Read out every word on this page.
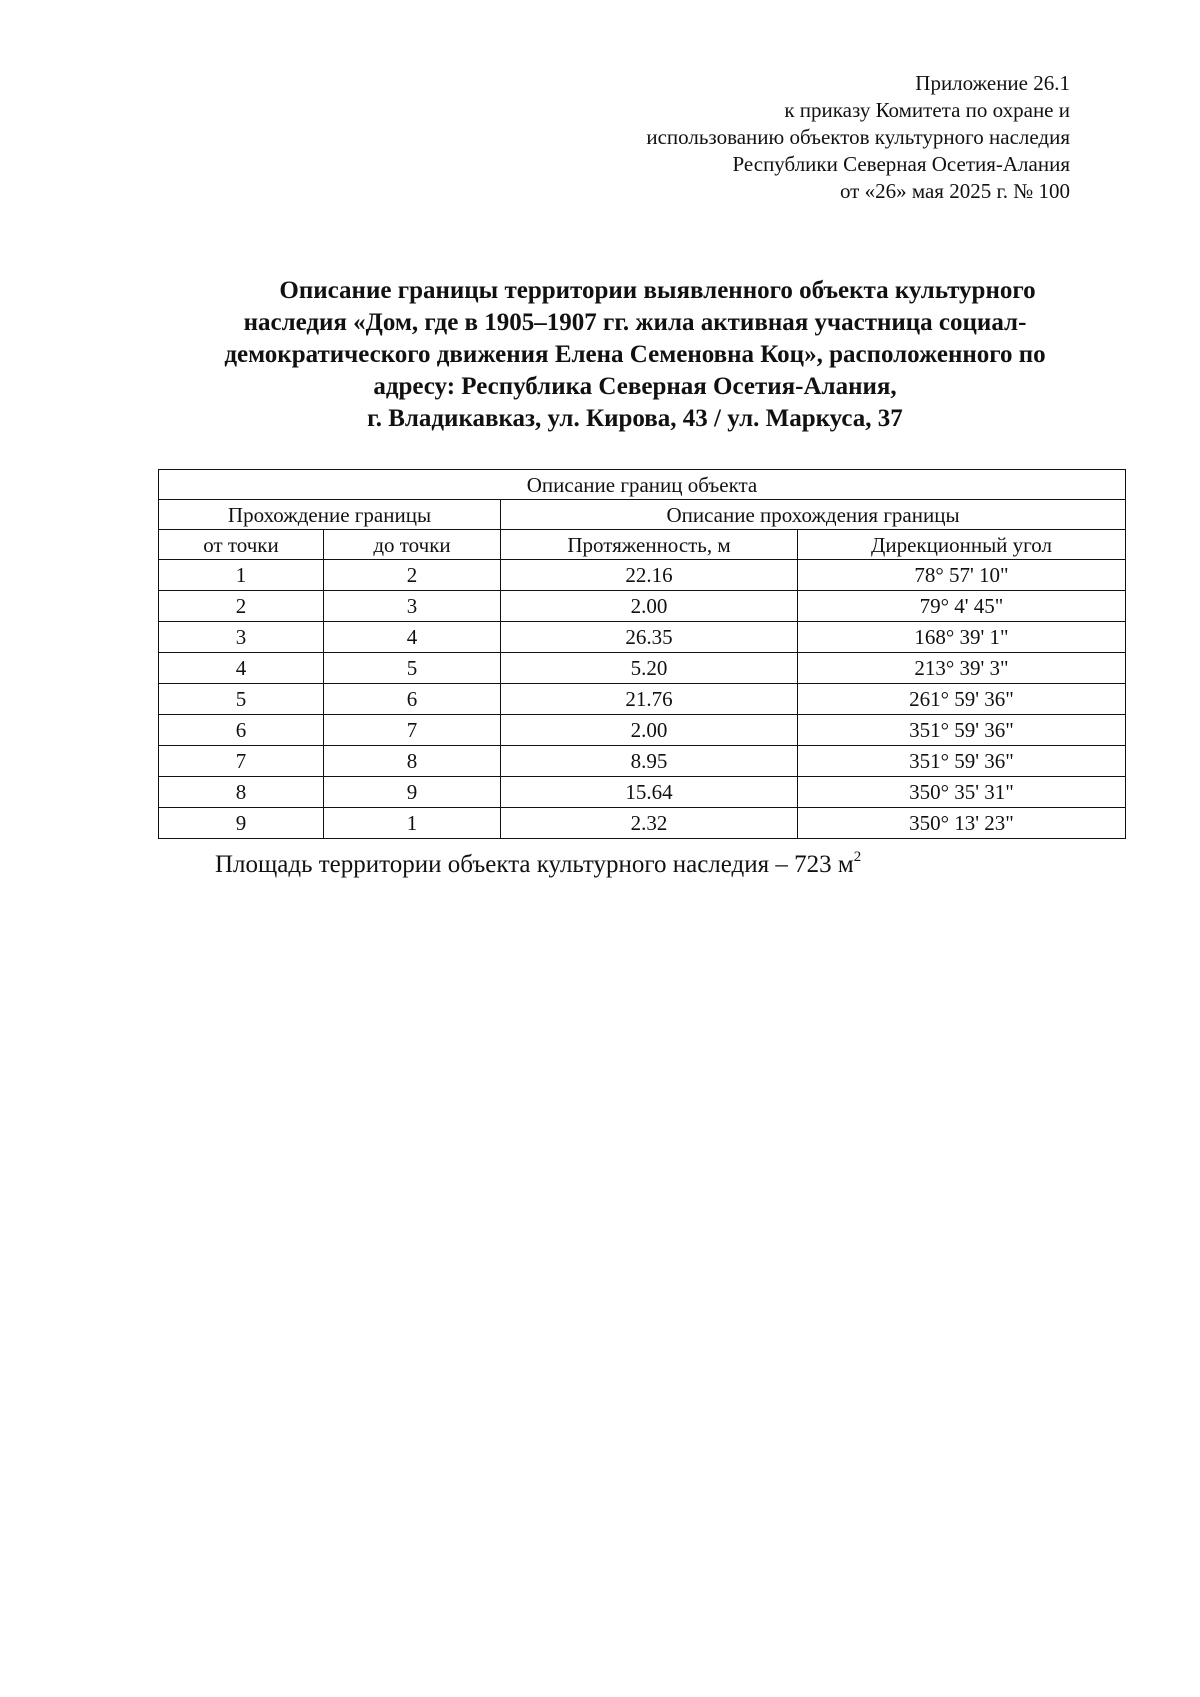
Приложение 26.1
к приказу Комитета по охране и
использованию объектов культурного наследия
Республики Северная Осетия-Алания
от «26» мая 2025 г. № 100
Описание границы территории выявленного объекта культурного
наследия «Дом, где в 1905–1907 гг. жила активная участница социал-
демократического движения Елена Семеновна Коц», расположенного по
адресу: Республика Северная Осетия-Алания,
г. Владикавказ, ул. Кирова, 43 / ул. Маркуса, 37
Описание границ объекта			
Прохождение границы		Описание прохождения границы	
от точки	до точки	Протяженность, м	Дирекционный угол
1	2	22.16	78° 57' 10"
2	3	2.00	79° 4' 45"
3	4	26.35	168° 39' 1"
4	5	5.20	213° 39' 3"
5	6	21.76	261° 59' 36"
6	7	2.00	351° 59' 36"
7	8	8.95	351° 59' 36"
8	9	15.64	350° 35' 31"
9	1	2.32	350° 13' 23"
Площадь территории объекта культурного наследия – 723 $м^2$
